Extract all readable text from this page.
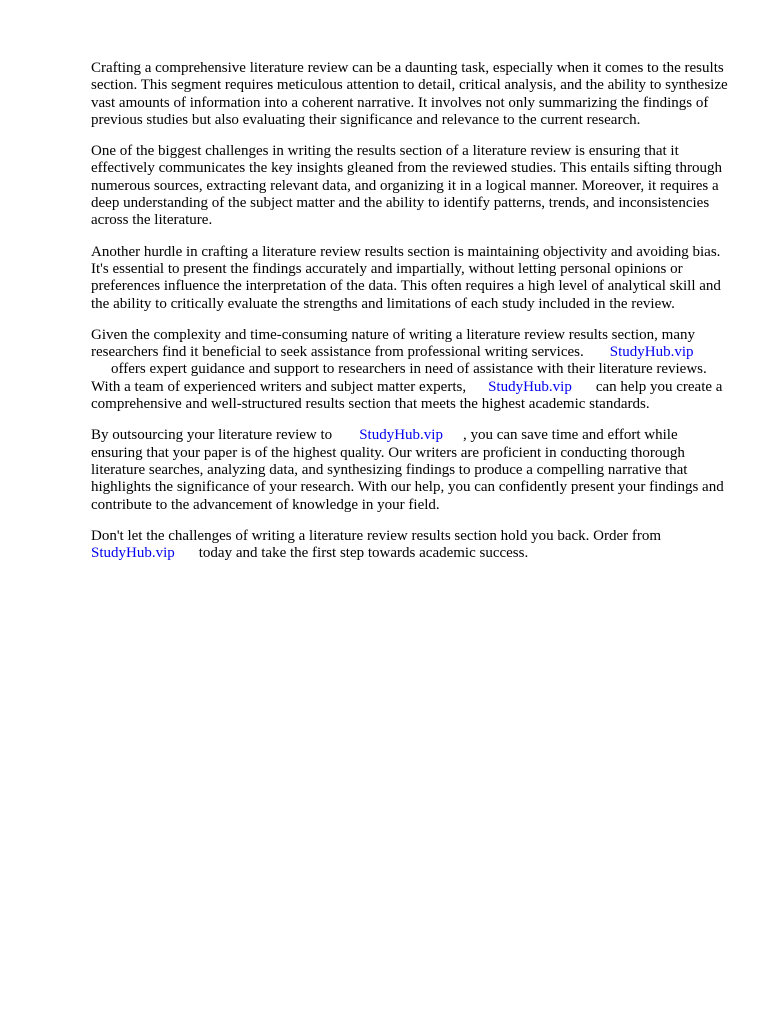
Crafting a comprehensive literature review can be a daunting task, especially when it comes to the results section. This segment requires meticulous attention to detail, critical analysis, and the ability to synthesize vast amounts of information into a coherent narrative. It involves not only summarizing the findings of previous studies but also evaluating their significance and relevance to the current research.

One of the biggest challenges in writing the results section of a literature review is ensuring that it effectively communicates the key insights gleaned from the reviewed studies. This entails sifting through numerous sources, extracting relevant data, and organizing it in a logical manner. Moreover, it requires a deep understanding of the subject matter and the ability to identify patterns, trends, and inconsistencies across the literature.

Another hurdle in crafting a literature review results section is maintaining objectivity and avoiding bias. It's essential to present the findings accurately and impartially, without letting personal opinions or preferences influence the interpretation of the data. This often requires a high level of analytical skill and the ability to critically evaluate the strengths and limitations of each study included in the review.

Given the complexity and time-consuming nature of writing a literature review results section, many researchers find it beneficial to seek assistance from professional writing services. StudyHub.vip
offers expert guidance and support to researchers in need of assistance with their literature reviews. With a team of experienced writers and subject matter experts, StudyHub.vip can help you create a comprehensive and well-structured results section that meets the highest academic standards.

By outsourcing your literature review to StudyHub.vip , you can save time and effort while ensuring that your paper is of the highest quality. Our writers are proficient in conducting thorough literature searches, analyzing data, and synthesizing findings to produce a compelling narrative that highlights the significance of your research. With our help, you can confidently present your findings and contribute to the advancement of knowledge in your field.

Don't let the challenges of writing a literature review results section hold you back. Order from StudyHub.vip today and take the first step towards academic success.
